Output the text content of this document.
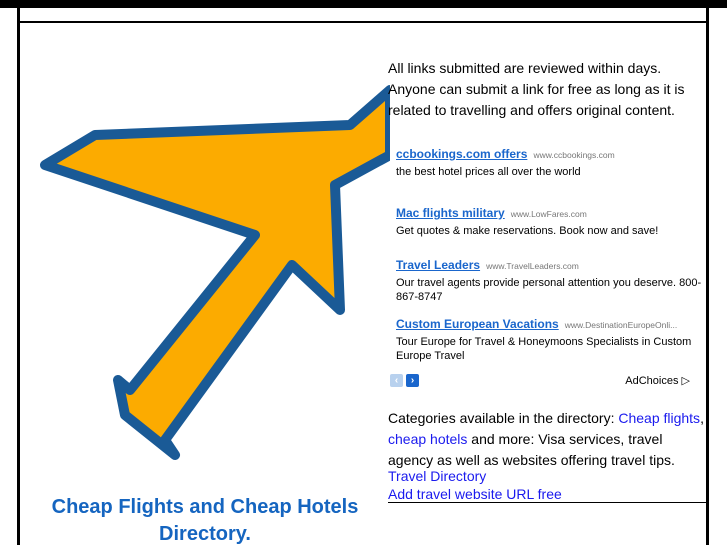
Cheap Flights and Cheap Hotels Directory.
All links submitted are reviewed within days. Anyone can submit a link for free as long as it is related to travelling and offers original content.
ccbookings.com offers www.ccbookings.com
the best hotel prices all over the world
Mac flights military www.LowFares.com
Get quotes & make reservations. Book now and save!
Travel Leaders www.TravelLeaders.com
Our travel agents provide personal attention you deserve. 800-867-8747
Custom European Vacations www.DestinationEuropeOnli...
Tour Europe for Travel & Honeymoons Specialists in Custom Europe Travel
‹	›	AdChoices ▷
Categories available in the directory: Cheap flights, cheap hotels and more: Visa services, travel agency as well as websites offering travel tips.
Travel Directory
Add travel website URL free
